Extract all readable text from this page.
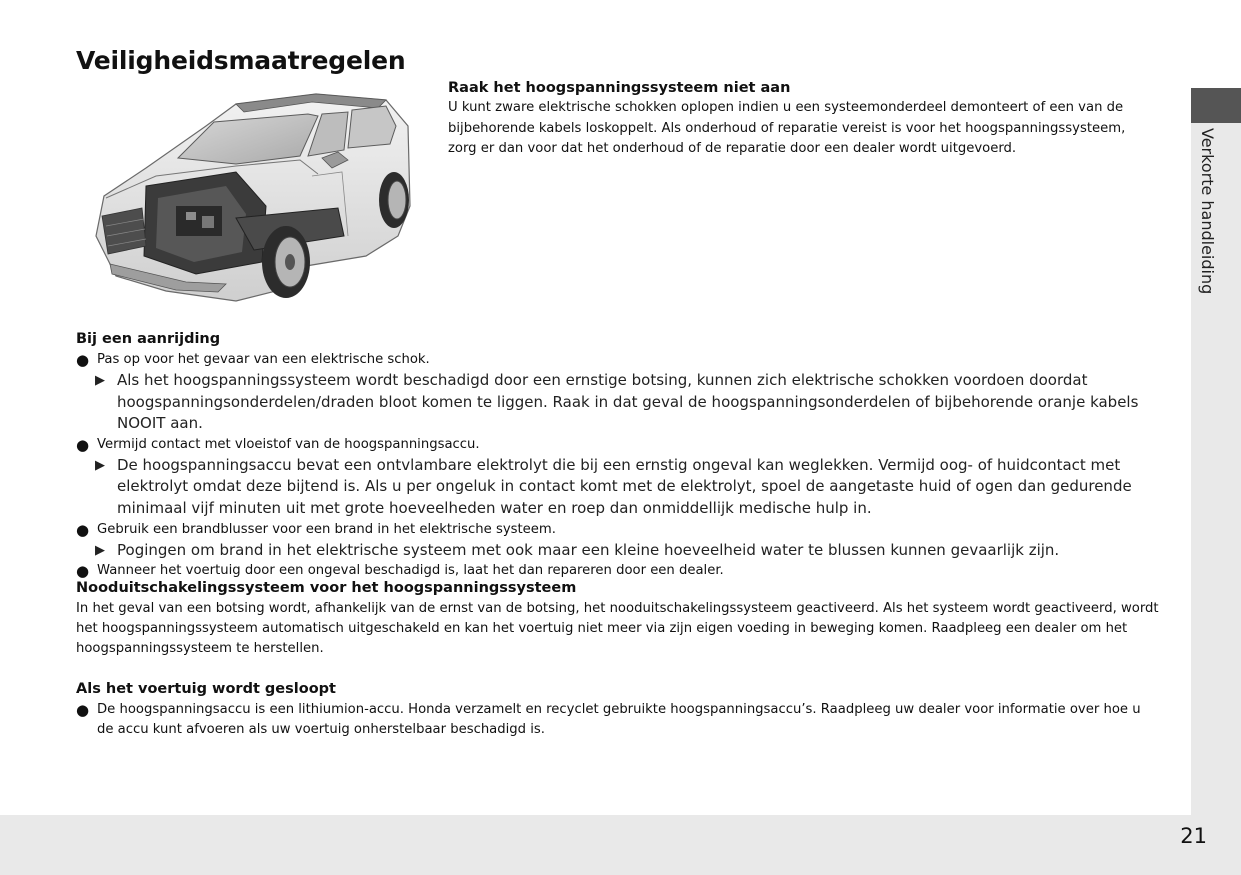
Veiligheidsmaatregelen
Raak het hoogspanningssysteem niet aan

U kunt zware elektrische schokken oplopen indien u een systeemonderdeel demonteert of een van de bijbehorende kabels loskoppelt. Als onderhoud of reparatie vereist is voor het hoogspanningssysteem, zorg er dan voor dat het onderhoud of de reparatie door een dealer wordt uitgevoerd.

Bij een aanrijding
● Pas op voor het gevaar van een elektrische schok.
▶ Als het hoogspanningssysteem wordt beschadigd door een ernstige botsing, kunnen zich elektrische schokken voordoen doordat hoogspanningsonderdelen/draden bloot komen te liggen. Raak in dat geval de hoogspanningsonderdelen of bijbehorende oranje kabels NOOIT aan.
● Vermijd contact met vloeistof van de hoogspanningsaccu.
▶ De hoogspanningsaccu bevat een ontvlambare elektrolyt die bij een ernstig ongeval kan weglekken. Vermijd oog- of huidcontact met elektrolyt omdat deze bijtend is. Als u per ongeluk in contact komt met de elektrolyt, spoel de aangetaste huid of ogen dan gedurende minimaal vijf minuten uit met grote hoeveelheden water en roep dan onmiddellijk medische hulp in.
● Gebruik een brandblusser voor een brand in het elektrische systeem.
▶ Pogingen om brand in het elektrische systeem met ook maar een kleine hoeveelheid water te blussen kunnen gevaarlijk zijn.
● Wanneer het voertuig door een ongeval beschadigd is, laat het dan repareren door een dealer.
Nooduitschakelingssysteem voor het hoogspanningssysteem

In het geval van een botsing wordt, afhankelijk van de ernst van de botsing, het nooduitschakelingssysteem geactiveerd. Als het systeem wordt geactiveerd, wordt het hoogspanningssysteem automatisch uitgeschakeld en kan het voertuig niet meer via zijn eigen voeding in beweging komen. Raadpleeg een dealer om het hoogspanningssysteem te herstellen.

Als het voertuig wordt gesloopt
● De hoogspanningsaccu is een lithiumion-accu. Honda verzamelt en recyclet gebruikte hoogspanningsaccu’s. Raadpleeg uw dealer voor informatie over hoe u de accu kunt afvoeren als uw voertuig onherstelbaar beschadigd is.
Verkorte handleiding
21
